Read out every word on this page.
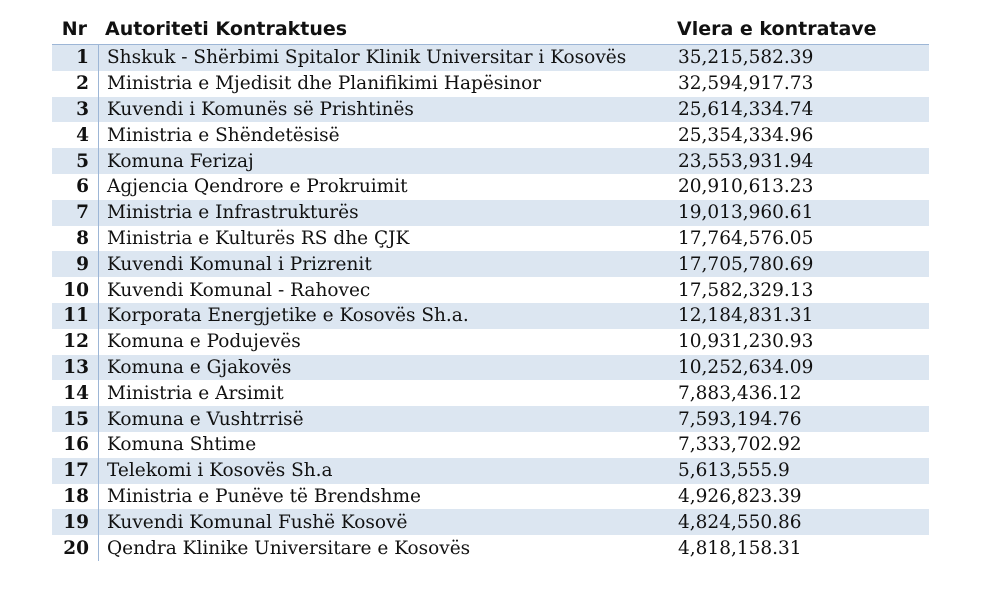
Nr Autoriteti Kontraktues	Vlera e kontratave
1 Shskuk - Shërbimi Spitalor Klinik Universitar i Kosovës	35,215,582.39
2 Ministria e Mjedisit dhe Planifikimi Hapësinor	32,594,917.73
3 Kuvendi i Komunës së Prishtinës	25,614,334.74
4 Ministria e Shëndetësisë	25,354,334.96
5 Komuna Ferizaj	23,553,931.94
6 Agjencia Qendrore e Prokruimit	20,910,613.23
7 Ministria e Infrastrukturës	19,013,960.61
8 Ministria e Kulturës RS dhe ÇJK	17,764,576.05
9 Kuvendi Komunal i Prizrenit	17,705,780.69
10 Kuvendi Komunal - Rahovec	17,582,329.13
11 Korporata Energjetike e Kosovës Sh.a.	12,184,831.31
12 Komuna e Podujevës	10,931,230.93
13 Komuna e Gjakovës	10,252,634.09
14 Ministria e Arsimit	7,883,436.12
15 Komuna e Vushtrrisë	7,593,194.76
16 Komuna Shtime	7,333,702.92
17 Telekomi i Kosovës Sh.a	5,613,555.9
18 Ministria e Punëve të Brendshme	4,926,823.39
19 Kuvendi Komunal Fushë Kosovë	4,824,550.86
20 Qendra Klinike Universitare e Kosovës	4,818,158.31
